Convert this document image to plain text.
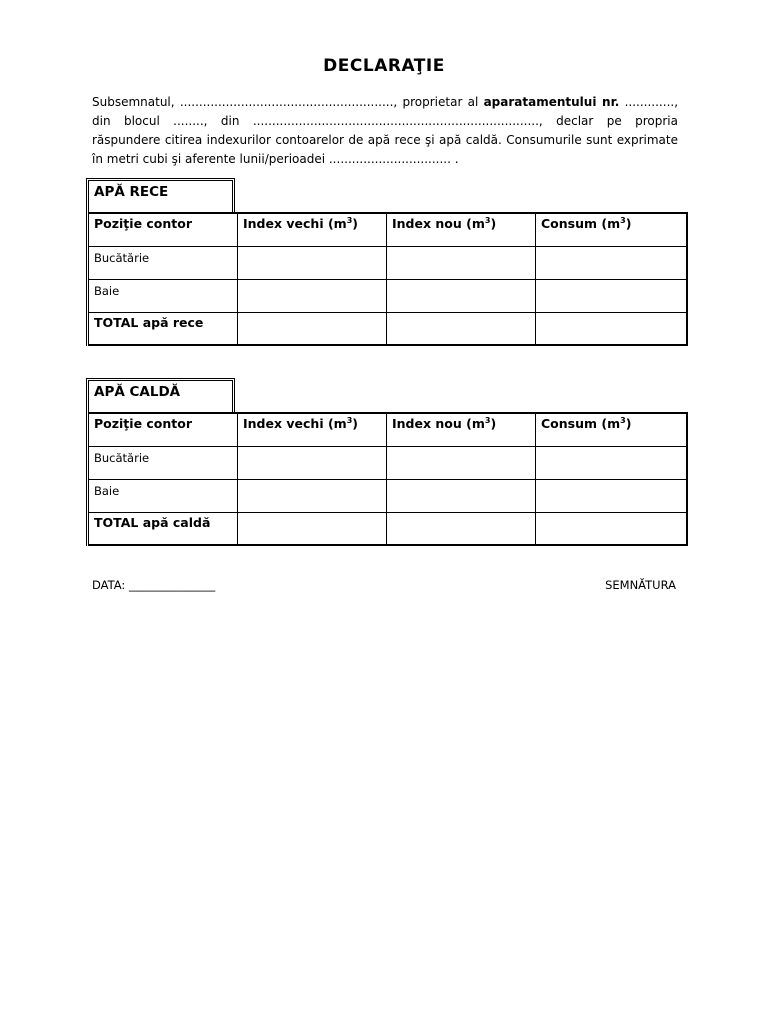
DECLARAŢIE
Subsemnatul, ........................................................, proprietar al aparatamentului nr. ............., din blocul ........, din ..........................................................................., declar pe propria răspundere citirea indexurilor contoarelor de apă rece şi apă caldă. Consumurile sunt exprimate în metri cubi şi aferente lunii/perioadei ................................ .
APĂ RECE
Poziţie contor	Index vechi $(m^3)$	Index nou $(m^3)$	Consum $(m^3)$
Bucătărie			
Baie			
TOTAL apă rece			
APĂ CALDĂ
Poziţie contor	Index vechi $(m^3)$	Index nou $(m^3)$	Consum $(m^3)$
Bucătărie			
Baie			
TOTAL apă caldă			
DATA: _______________	SEMNĂTURA
